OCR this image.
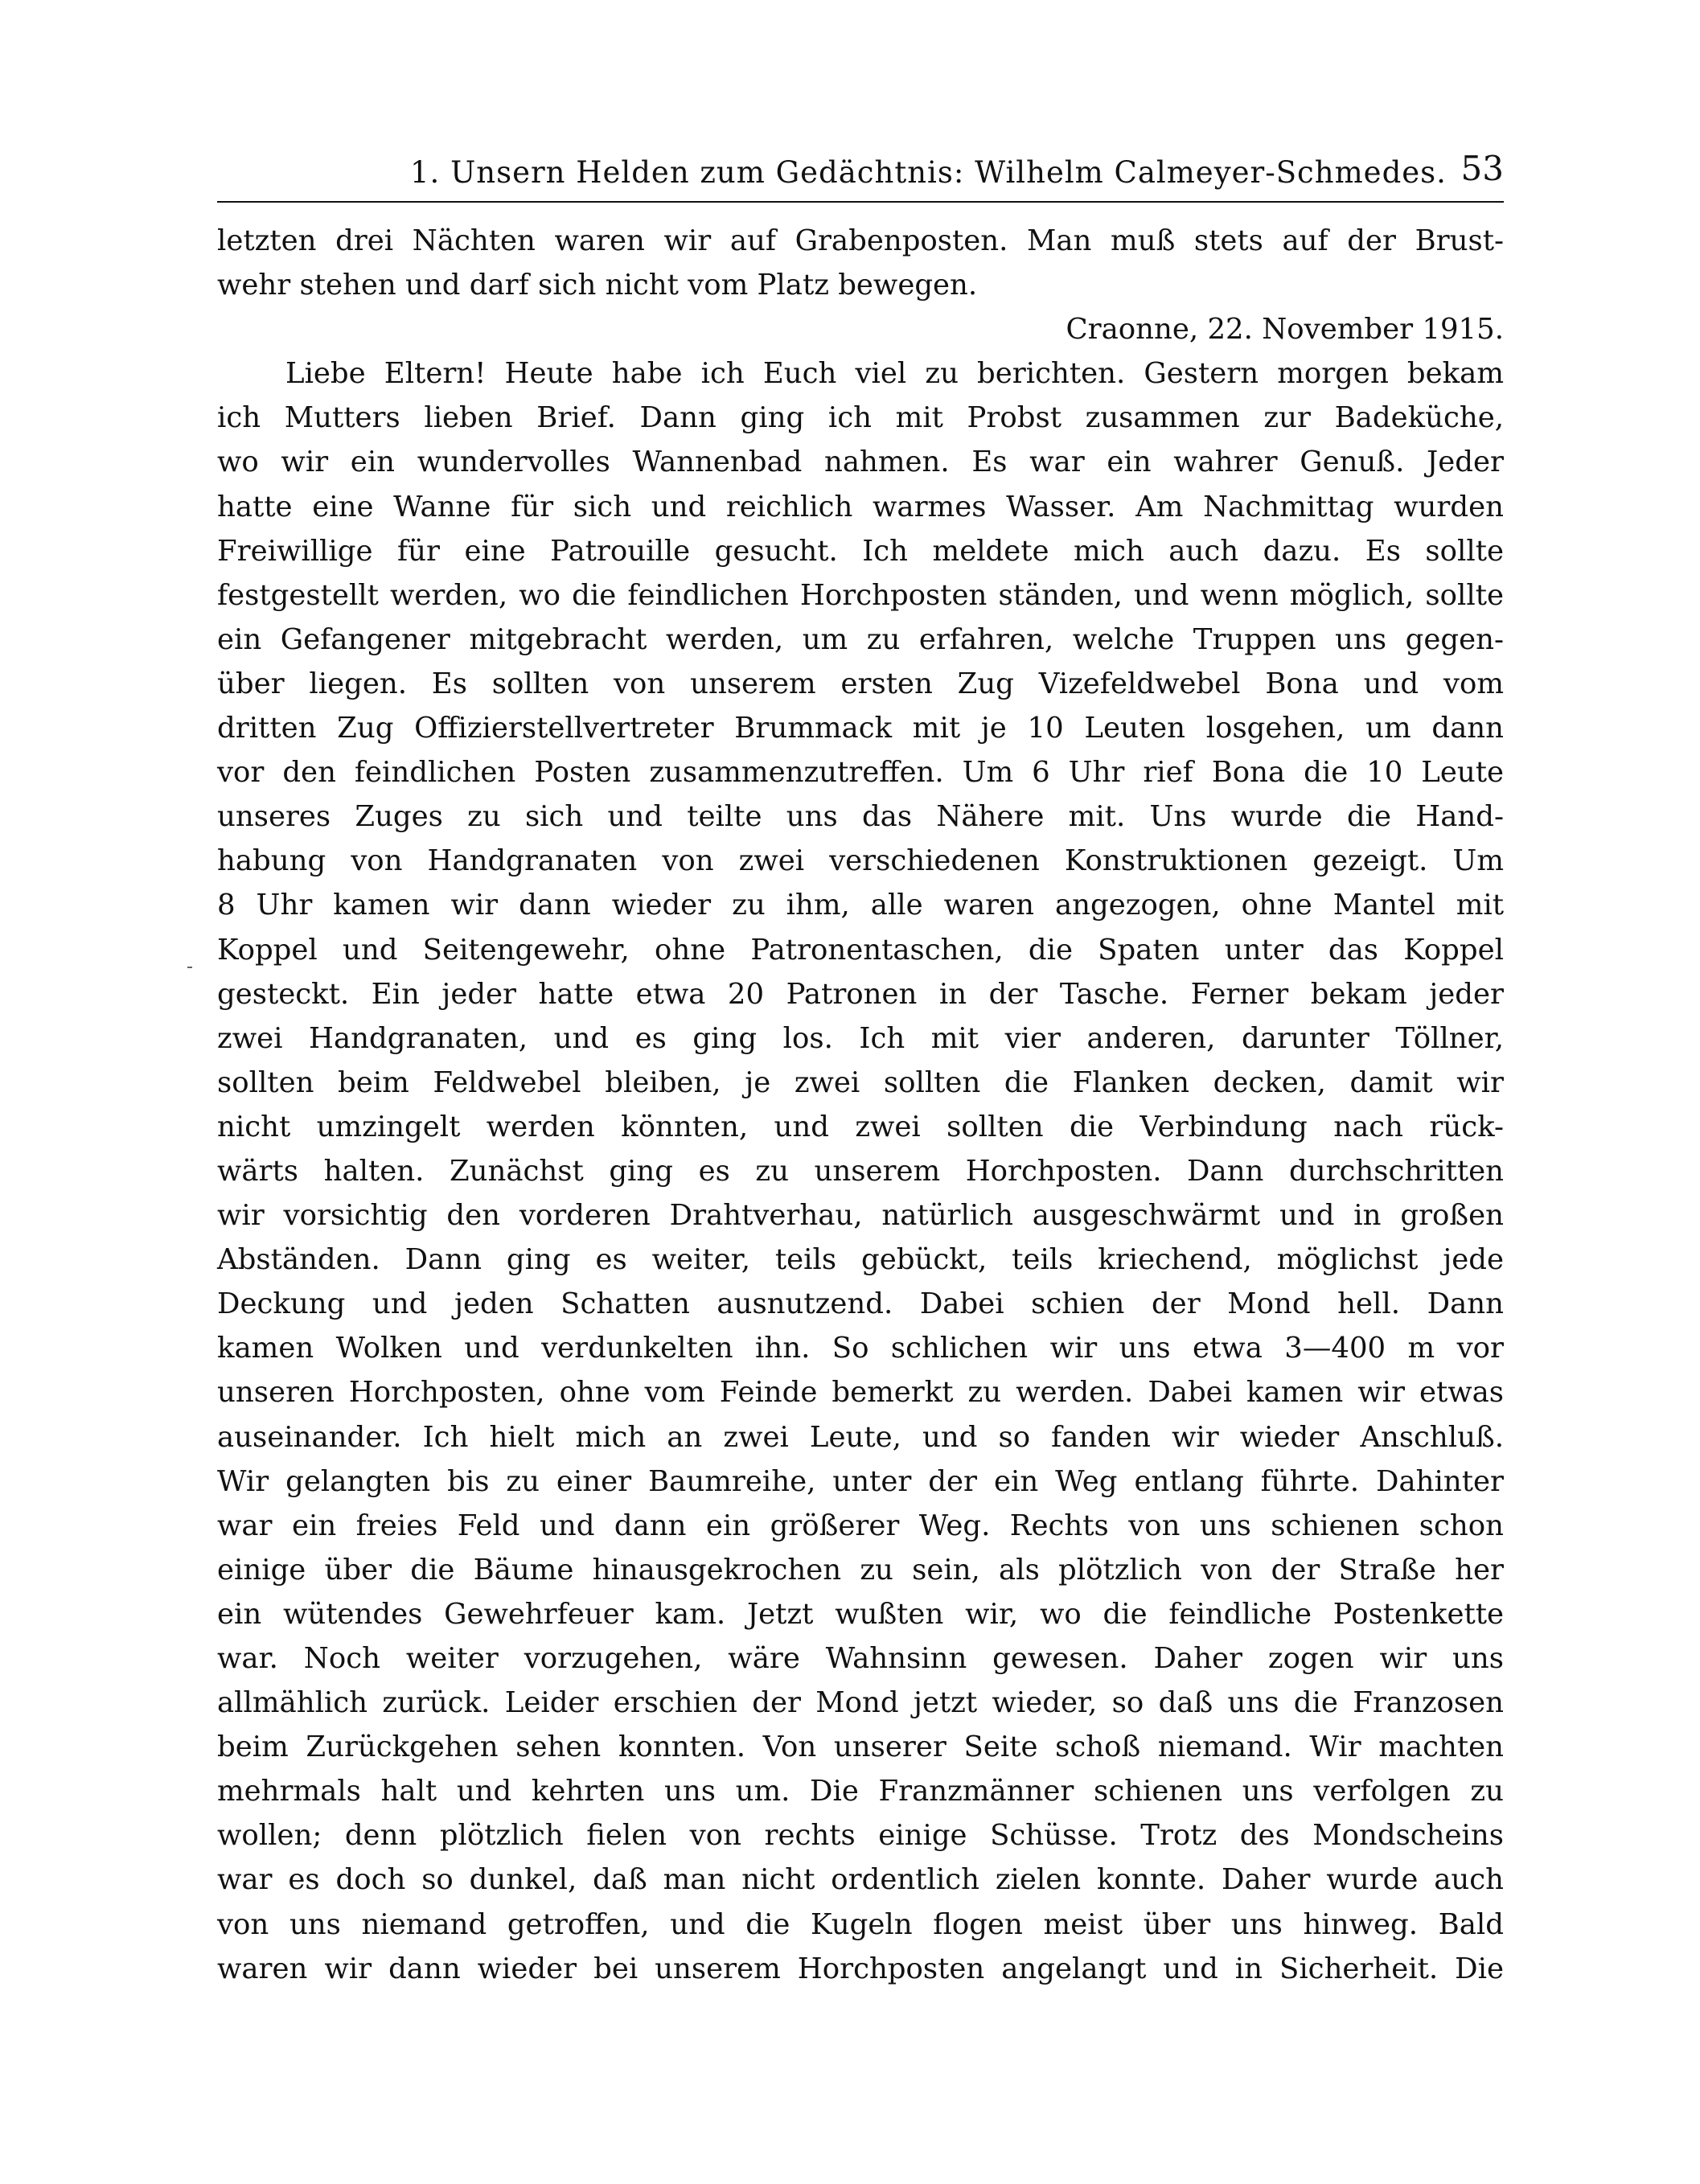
1. Unsern Helden zum Gedächtnis: Wilhelm Calmeyer-Schmedes. 53
letzten drei Nächten waren wir auf Grabenposten. Man muß stets auf der Brust-
wehr stehen und darf sich nicht vom Platz bewegen.
Craonne, 22. November 1915.
Liebe Eltern! Heute habe ich Euch viel zu berichten. Gestern morgen bekam
ich Mutters lieben Brief. Dann ging ich mit Probst zusammen zur Badeküche,
wo wir ein wundervolles Wannenbad nahmen. Es war ein wahrer Genuß. Jeder
hatte eine Wanne für sich und reichlich warmes Wasser. Am Nachmittag wurden
Freiwillige für eine Patrouille gesucht. Ich meldete mich auch dazu. Es sollte
festgestellt werden, wo die feindlichen Horchposten ständen, und wenn möglich, sollte
ein Gefangener mitgebracht werden, um zu erfahren, welche Truppen uns gegen-
über liegen. Es sollten von unserem ersten Zug Vizefeldwebel Bona und vom
dritten Zug Offizierstellvertreter Brummack mit je 10 Leuten losgehen, um dann
vor den feindlichen Posten zusammenzutreffen. Um 6 Uhr rief Bona die 10 Leute
unseres Zuges zu sich und teilte uns das Nähere mit. Uns wurde die Hand-
habung von Handgranaten von zwei verschiedenen Konstruktionen gezeigt. Um
8 Uhr kamen wir dann wieder zu ihm, alle waren angezogen, ohne Mantel mit
Koppel und Seitengewehr, ohne Patronentaschen, die Spaten unter das Koppel
gesteckt. Ein jeder hatte etwa 20 Patronen in der Tasche. Ferner bekam jeder
zwei Handgranaten, und es ging los. Ich mit vier anderen, darunter Töllner,
sollten beim Feldwebel bleiben, je zwei sollten die Flanken decken, damit wir
nicht umzingelt werden könnten, und zwei sollten die Verbindung nach rück-
wärts halten. Zunächst ging es zu unserem Horchposten. Dann durchschritten
wir vorsichtig den vorderen Drahtverhau, natürlich ausgeschwärmt und in großen
Abständen. Dann ging es weiter, teils gebückt, teils kriechend, möglichst jede
Deckung und jeden Schatten ausnutzend. Dabei schien der Mond hell. Dann
kamen Wolken und verdunkelten ihn. So schlichen wir uns etwa 3—400 m vor
unseren Horchposten, ohne vom Feinde bemerkt zu werden. Dabei kamen wir etwas
auseinander. Ich hielt mich an zwei Leute, und so fanden wir wieder Anschluß.
Wir gelangten bis zu einer Baumreihe, unter der ein Weg entlang führte. Dahinter
war ein freies Feld und dann ein größerer Weg. Rechts von uns schienen schon
einige über die Bäume hinausgekrochen zu sein, als plötzlich von der Straße her
ein wütendes Gewehrfeuer kam. Jetzt wußten wir, wo die feindliche Postenkette
war. Noch weiter vorzugehen, wäre Wahnsinn gewesen. Daher zogen wir uns
allmählich zurück. Leider erschien der Mond jetzt wieder, so daß uns die Franzosen
beim Zurückgehen sehen konnten. Von unserer Seite schoß niemand. Wir machten
mehrmals halt und kehrten uns um. Die Franzmänner schienen uns verfolgen zu
wollen; denn plötzlich fielen von rechts einige Schüsse. Trotz des Mondscheins
war es doch so dunkel, daß man nicht ordentlich zielen konnte. Daher wurde auch
von uns niemand getroffen, und die Kugeln flogen meist über uns hinweg. Bald
waren wir dann wieder bei unserem Horchposten angelangt und in Sicherheit. Die
